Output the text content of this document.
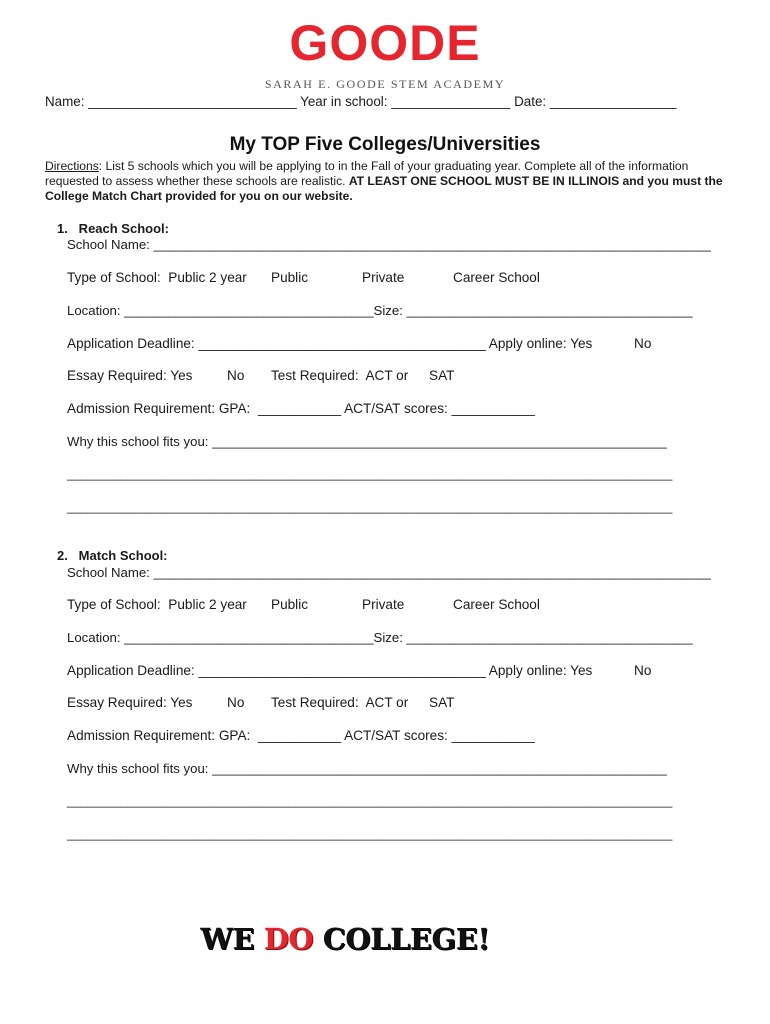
GOODE
SARAH E. GOODE STEM ACADEMY
Name: ____________________________ Year in school: ________________ Date: _________________
My TOP Five Colleges/Universities
Directions: List 5 schools which you will be applying to in the Fall of your graduating year. Complete all of the information requested to assess whether these schools are realistic. AT LEAST ONE SCHOOL MUST BE IN ILLINOIS and you must the College Match Chart provided for you on our website.
1.   Reach School:
School Name: ____________________________________________________________________________
Type of School:  Public 2 year Public	Private	Career School
Location: __________________________________Size: _______________________________________
Application Deadline: ______________________________________ Apply online: Yes	No
Essay Required: Yes	No Test Required:  ACT or SAT
Admission Requirement: GPA:  ___________ ACT/SAT scores: ___________
Why this school fits you: ______________________________________________________________
__________________________________________________________________________________________
__________________________________________________________________________________________
2.   Match School:
School Name: ____________________________________________________________________________
Type of School:  Public 2 year Public	Private	Career School
Location: __________________________________Size: _______________________________________
Application Deadline: ______________________________________ Apply online: Yes	No
Essay Required: Yes	No Test Required:  ACT or SAT
Admission Requirement: GPA:  ___________ ACT/SAT scores: ___________
Why this school fits you: ______________________________________________________________
__________________________________________________________________________________________
__________________________________________________________________________________________
WE DO COLLEGE!
